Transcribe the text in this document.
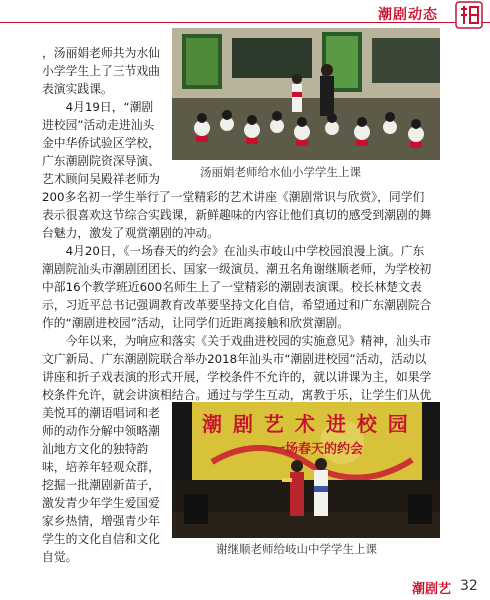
潮剧动态
，汤丽娟老师共为水仙
小学学生上了三节戏曲
表演实践课。
　　4月19日，“潮剧
进校园”活动走进汕头
金中华侨试验区学校，
广东潮剧院资深导演、
艺术顾问吴殿祥老师为	汤丽娟老师给水仙小学学生上课
200多名初一学生举行了一堂精彩的艺术讲座《潮剧常识与欣赏》，同学们
表示很喜欢这节综合实践课，新鲜趣味的内容让他们真切的感受到潮剧的舞
台魅力，激发了观赏潮剧的冲动。
　　4月20日，《一场春天的约会》在汕头市岐山中学校园浪漫上演。广东
潮剧院汕头市潮剧团团长、国家一级演员、潮丑名角谢继顺老师，为学校初
中部16个教学班近600名师生上了一堂精彩的潮剧表演课。校长林楚文表
示，习近平总书记强调教育改革要坚持文化自信，希望通过和广东潮剧院合
作的“潮剧进校园”活动，让同学们近距离接触和欣赏潮剧。
　　今年以来，为响应和落实《关于戏曲进校园的实施意见》精神，汕头市
文广新局、广东潮剧院联合举办2018年汕头市“潮剧进校园”活动，活动以
讲座和折子戏表演的形式开展，学校条件不允许的，就以讲课为主，如果学
校条件允许，就会讲演相结合。通过与学生互动，寓教于乐，让学生们从优
美悦耳的潮语唱词和老
师的动作分解中领略潮
汕地方文化的独特韵
味，培养年轻观众群，
挖掘一批潮剧新苗子，
激发青少年学生爱国爱
家乡热情，增强青少年
学生的文化自信和文化
自觉。
潮 剧 艺 术 进 校 园
一场春天的约会
谢继顺老师给岐山中学学生上课
潮剧艺 32
